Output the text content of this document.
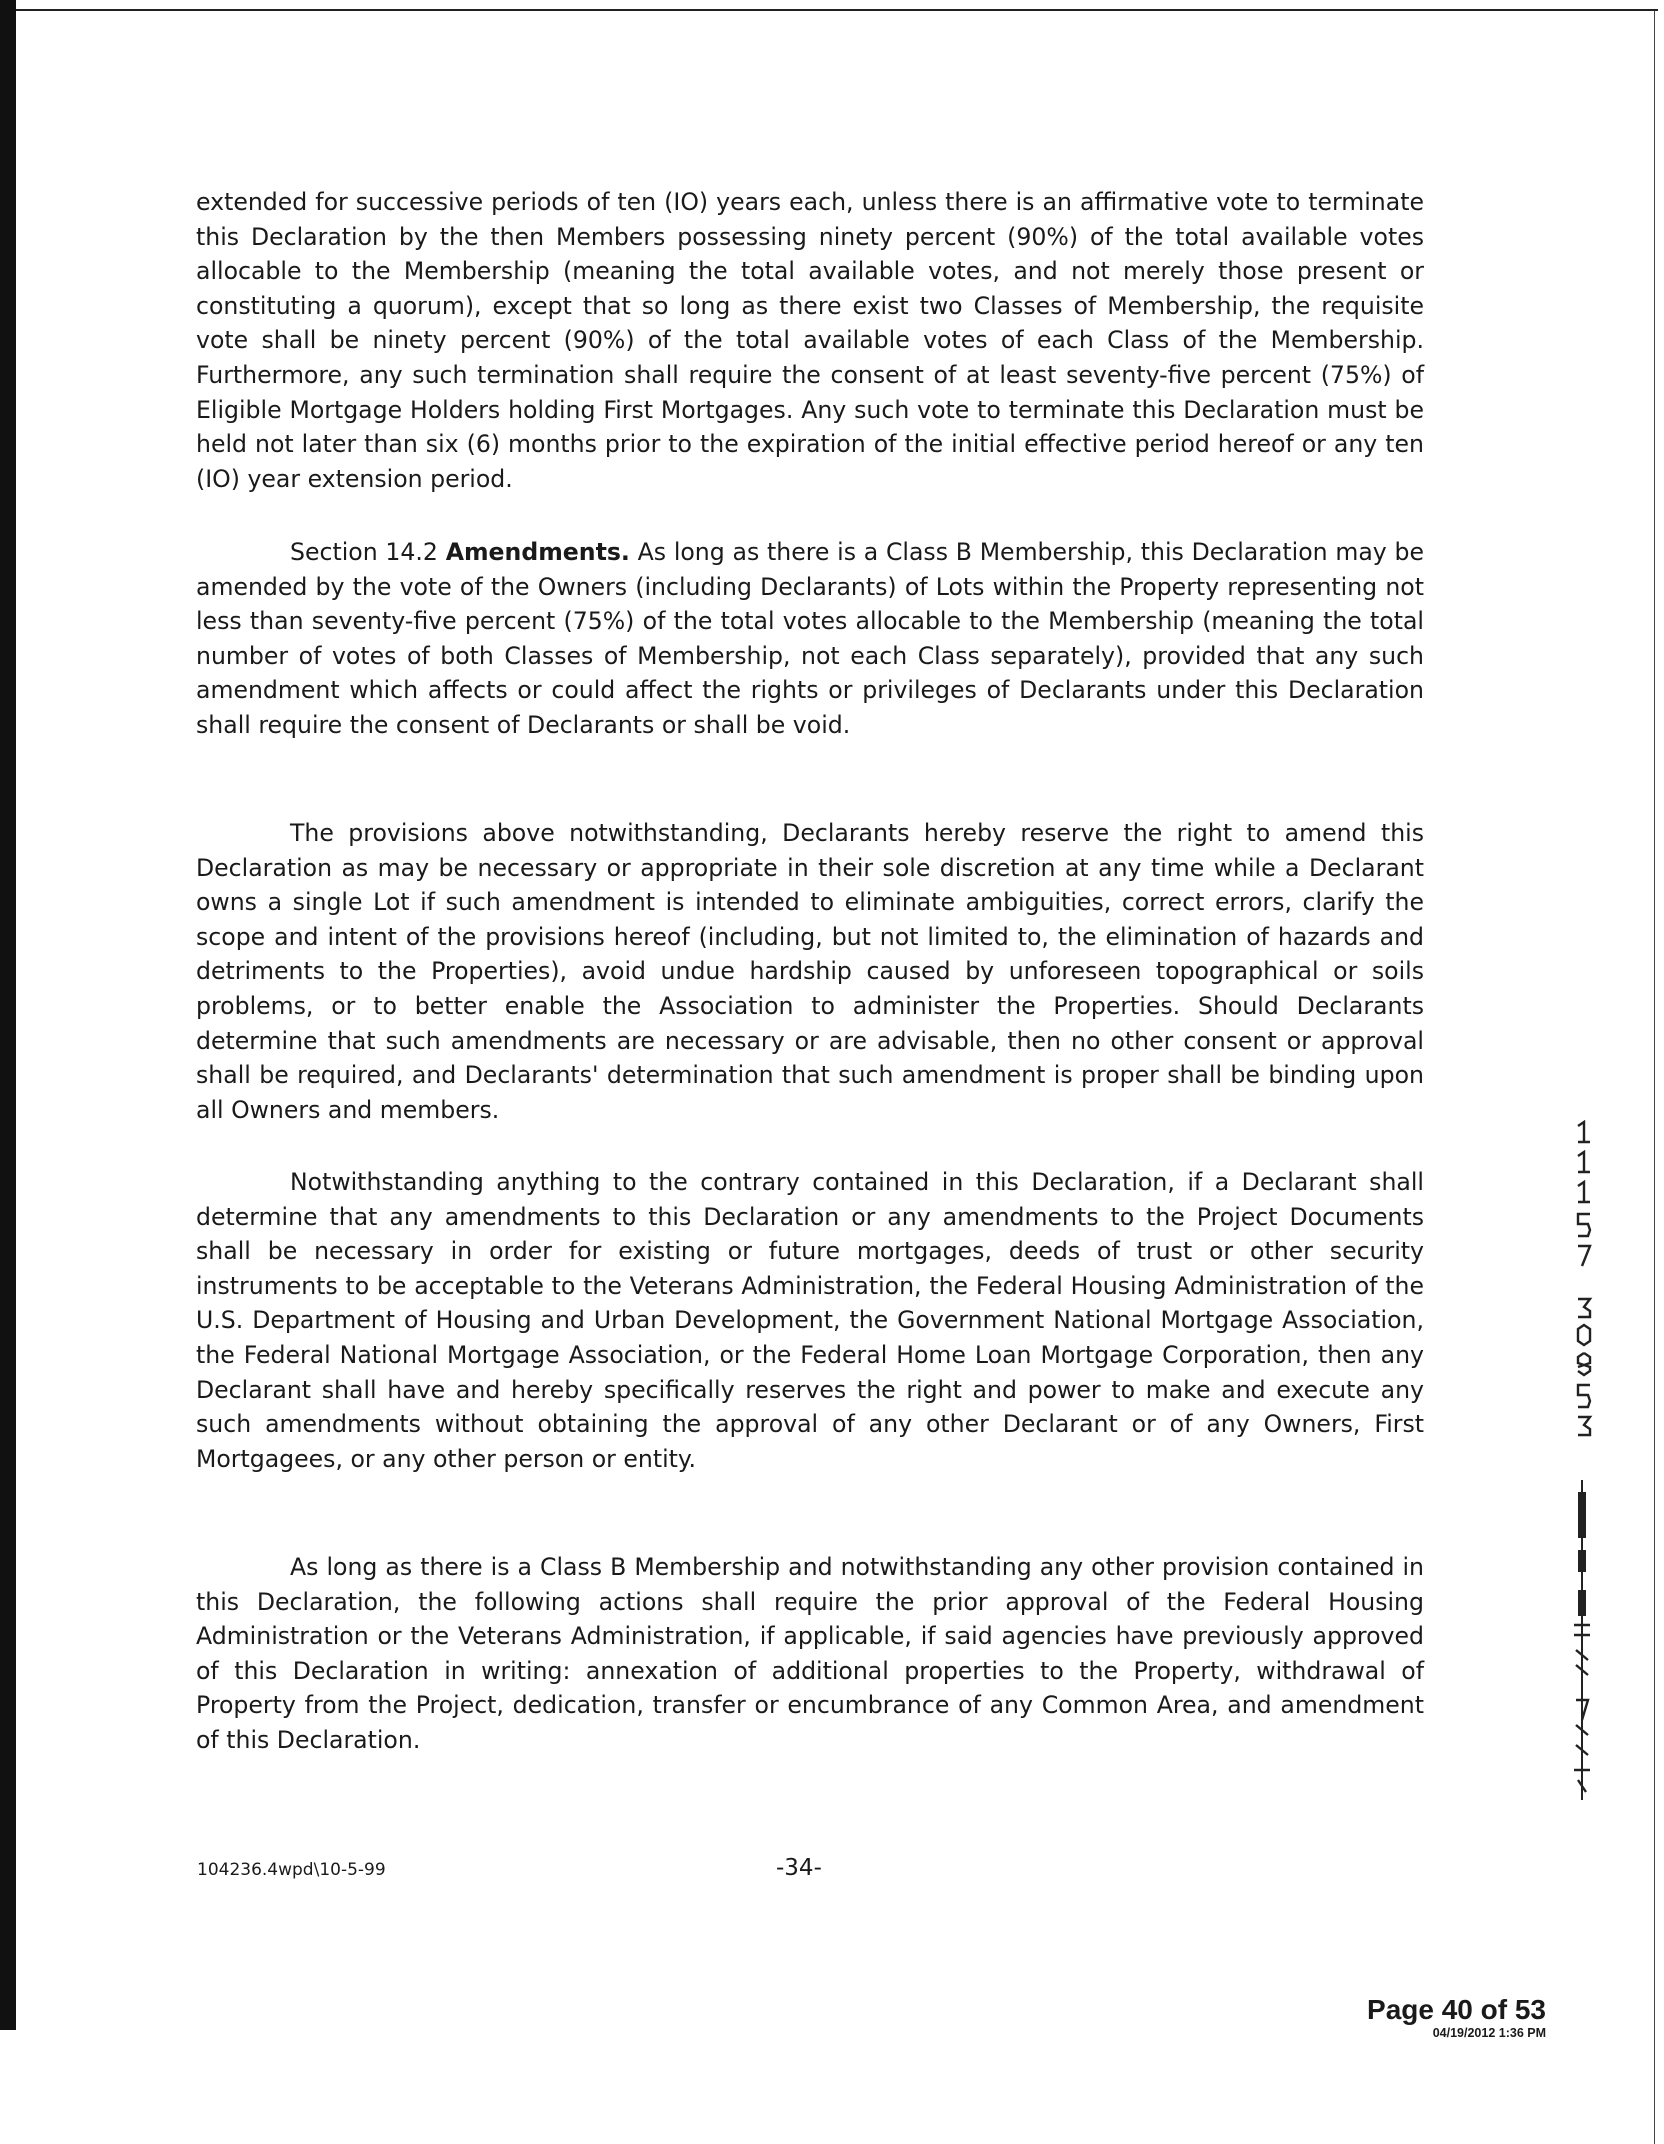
extended for successive periods of ten (IO) years each, unless there is an affirmative vote to terminate this Declaration by the then Members possessing ninety percent (90%) of the total available votes allocable to the Membership (meaning the total available votes, and not merely those present or constituting a quorum), except that so long as there exist two Classes of Membership, the requisite vote shall be ninety percent (90%) of the total available votes of each Class of the Membership. Furthermore, any such termination shall require the consent of at least seventy-five percent (75%) of Eligible Mortgage Holders holding First Mortgages. Any such vote to terminate this Declaration must be held not later than six (6) months prior to the expiration of the initial effective period hereof or any ten (IO) year extension period.

Section 14.2 Amendments. As long as there is a Class B Membership, this Declaration may be amended by the vote of the Owners (including Declarants) of Lots within the Property representing not less than seventy-five percent (75%) of the total votes allocable to the Membership (meaning the total number of votes of both Classes of Membership, not each Class separately), provided that any such amendment which affects or could affect the rights or privileges of Declarants under this Declaration shall require the consent of Declarants or shall be void.

The provisions above notwithstanding, Declarants hereby reserve the right to amend this Declaration as may be necessary or appropriate in their sole discretion at any time while a Declarant owns a single Lot if such amendment is intended to eliminate ambiguities, correct errors, clarify the scope and intent of the provisions hereof (including, but not limited to, the elimination of hazards and detriments to the Properties), avoid undue hardship caused by unforeseen topographical or soils problems, or to better enable the Association to administer the Properties. Should Declarants determine that such amendments are necessary or are advisable, then no other consent or approval shall be required, and Declarants' determination that such amendment is proper shall be binding upon all Owners and members.

Notwithstanding anything to the contrary contained in this Declaration, if a Declarant shall determine that any amendments to this Declaration or any amendments to the Project Documents shall be necessary in order for existing or future mortgages, deeds of trust or other security instruments to be acceptable to the Veterans Administration, the Federal Housing Administration of the U.S. Department of Housing and Urban Development, the Government National Mortgage Association, the Federal National Mortgage Association, or the Federal Home Loan Mortgage Corporation, then any Declarant shall have and hereby specifically reserves the right and power to make and execute any such amendments without obtaining the approval of any other Declarant or of any Owners, First Mortgagees, or any other person or entity.

As long as there is a Class B Membership and notwithstanding any other provision contained in this Declaration, the following actions shall require the prior approval of the Federal Housing Administration or the Veterans Administration, if applicable, if said agencies have previously approved of this Declaration in writing: annexation of additional properties to the Property, withdrawal of Property from the Project, dedication, transfer or encumbrance of any Common Area, and amendment of this Declaration.

104236.4wpd\10-5-99	-34-
Page 40 of 53
04/19/2012 1:36 PM
